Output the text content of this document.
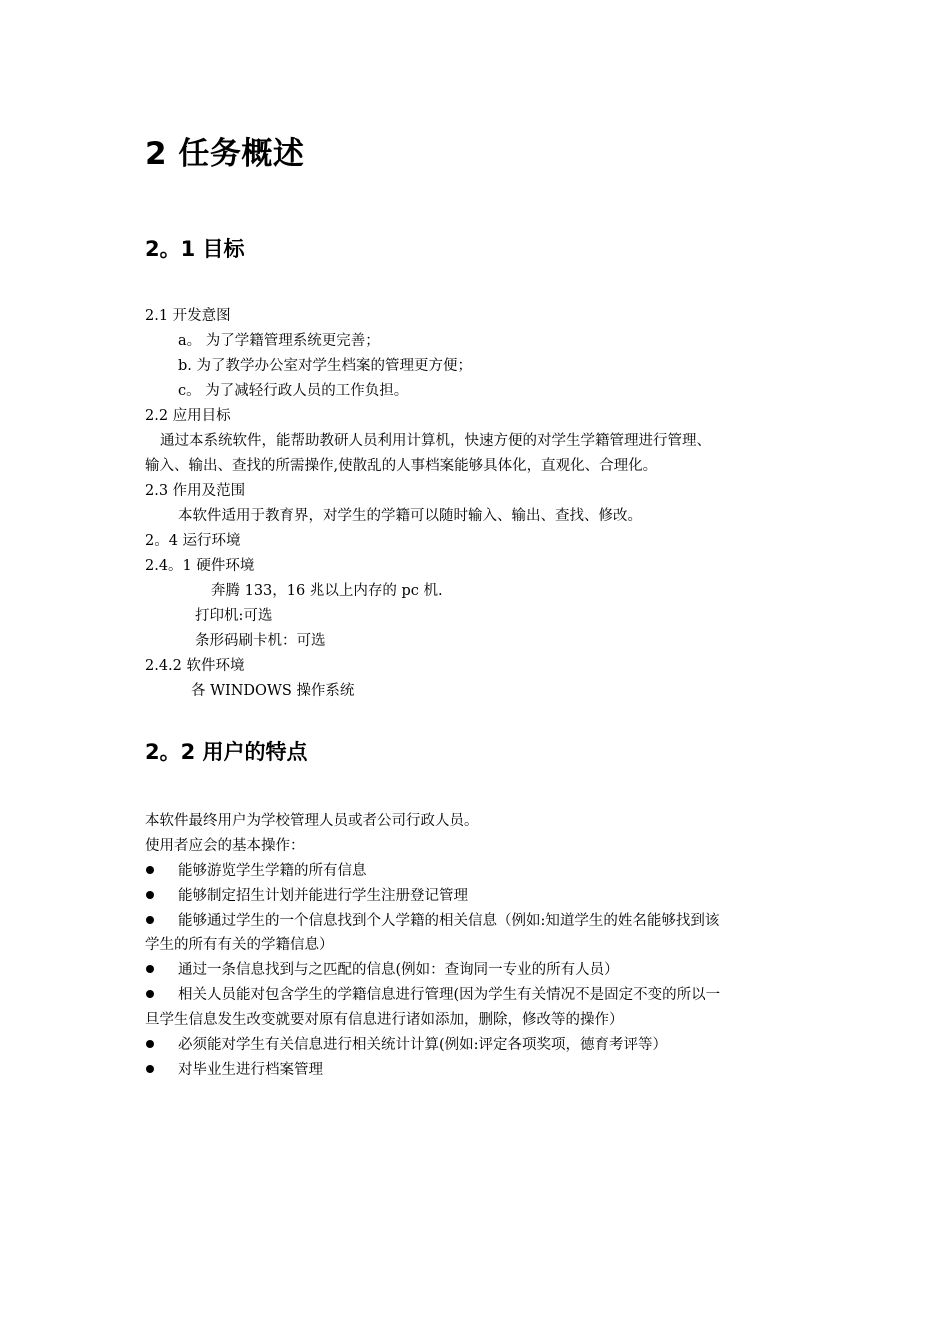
2 任务概述
2。1 目标
2.1 开发意图
a。 为了学籍管理系统更完善；
b. 为了教学办公室对学生档案的管理更方便；
c。 为了减轻行政人员的工作负担。
2.2 应用目标
通过本系统软件，能帮助教研人员利用计算机，快速方便的对学生学籍管理进行管理、
输入、输出、查找的所需操作,使散乱的人事档案能够具体化，直观化、合理化。
2.3 作用及范围
本软件适用于教育界，对学生的学籍可以随时输入、输出、查找、修改。
2。4 运行环境
2.4。1 硬件环境
奔腾 133，16 兆以上内存的 pc 机.
打印机:可选
条形码刷卡机：可选
2.4.2 软件环境
各 WINDOWS 操作系统
2。2 用户的特点
本软件最终用户为学校管理人员或者公司行政人员。
使用者应会的基本操作：
能够游览学生学籍的所有信息
能够制定招生计划并能进行学生注册登记管理
能够通过学生的一个信息找到个人学籍的相关信息（例如:知道学生的姓名能够找到该
学生的所有有关的学籍信息）
通过一条信息找到与之匹配的信息(例如：查询同一专业的所有人员）
相关人员能对包含学生的学籍信息进行管理(因为学生有关情况不是固定不变的所以一
旦学生信息发生改变就要对原有信息进行诸如添加，删除，修改等的操作）
必须能对学生有关信息进行相关统计计算(例如:评定各项奖项，德育考评等）
对毕业生进行档案管理
